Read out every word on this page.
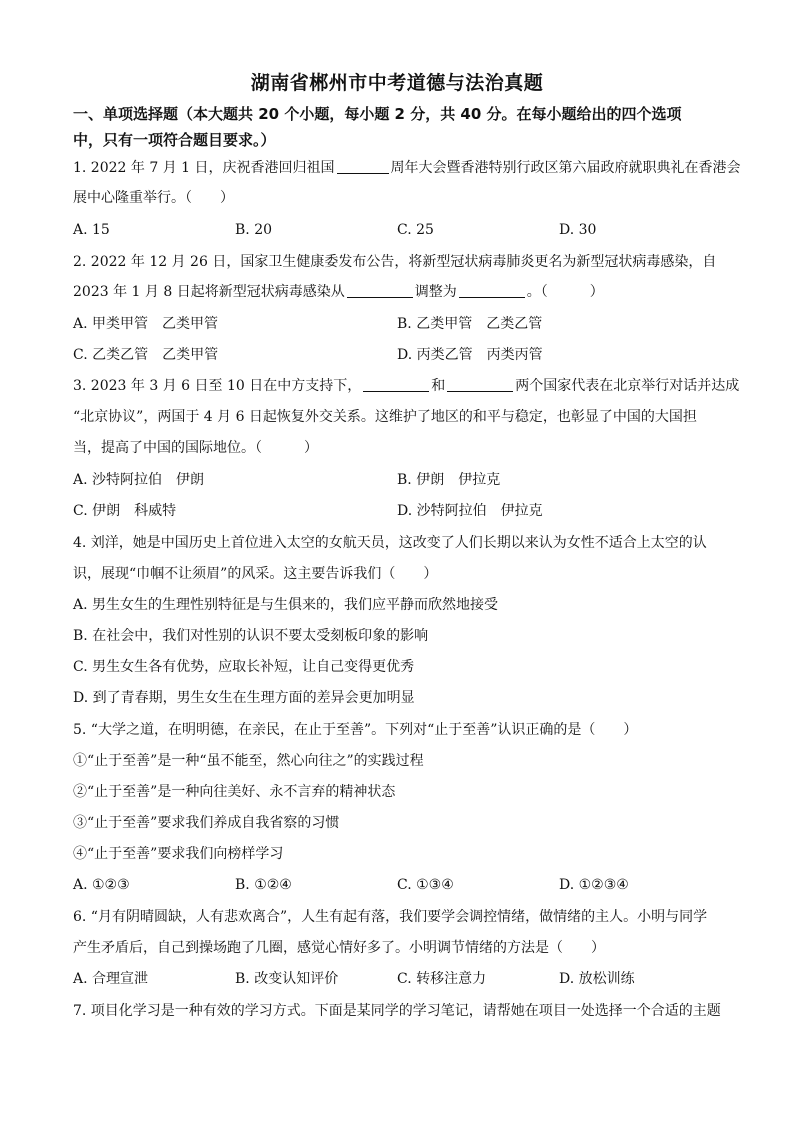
湖南省郴州市中考道德与法治真题
一、单项选择题（本大题共 20 个小题，每小题 2 分，共 40 分。在每小题给出的四个选项
中，只有一项符合题目要求。）
1. 2022 年 7 月 1 日，庆祝香港回归祖国	周年大会暨香港特别行政区第六届政府就职典礼在香港会
展中心隆重举行。（　　）
A. 15	B. 20	C. 25	D. 30
2. 2022 年 12 月 26 日，国家卫生健康委发布公告，将新型冠状病毒肺炎更名为新型冠状病毒感染，自
2023 年 1 月 8 日起将新型冠状病毒感染从	调整为	。（　　　）
A. 甲类甲管　乙类甲管	B. 乙类甲管　乙类乙管
C. 乙类乙管　乙类甲管	D. 丙类乙管　丙类丙管
3. 2023 年 3 月 6 日至 10 日在中方支持下，	和	两个国家代表在北京举行对话并达成
“北京协议”，两国于 4 月 6 日起恢复外交关系。这维护了地区的和平与稳定，也彰显了中国的大国担
当，提高了中国的国际地位。（　　　）
A. 沙特阿拉伯　伊朗	B. 伊朗　伊拉克
C. 伊朗　科威特	D. 沙特阿拉伯　伊拉克
4. 刘洋，她是中国历史上首位进入太空的女航天员，这改变了人们长期以来认为女性不适合上太空的认
识，展现“巾帼不让须眉”的风采。这主要告诉我们（　　）
A. 男生女生的生理性别特征是与生俱来的，我们应平静而欣然地接受
B. 在社会中，我们对性别的认识不要太受刻板印象的影响
C. 男生女生各有优势，应取长补短，让自己变得更优秀
D. 到了青春期，男生女生在生理方面的差异会更加明显
5. “大学之道，在明明德，在亲民，在止于至善”。下列对“止于至善”认识正确的是（　　）
①“止于至善”是一种“虽不能至，然心向往之”的实践过程
②“止于至善”是一种向往美好、永不言弃的精神状态
③“止于至善”要求我们养成自我省察的习惯
④“止于至善”要求我们向榜样学习
A. ①②③	B. ①②④	C. ①③④	D. ①②③④
6. “月有阴晴圆缺，人有悲欢离合”，人生有起有落，我们要学会调控情绪，做情绪的主人。小明与同学
产生矛盾后，自己到操场跑了几圈，感觉心情好多了。小明调节情绪的方法是（　　）
A. 合理宣泄	B. 改变认知评价	C. 转移注意力	D. 放松训练
7. 项目化学习是一种有效的学习方式。下面是某同学的学习笔记，请帮她在项目一处选择一个合适的主题
